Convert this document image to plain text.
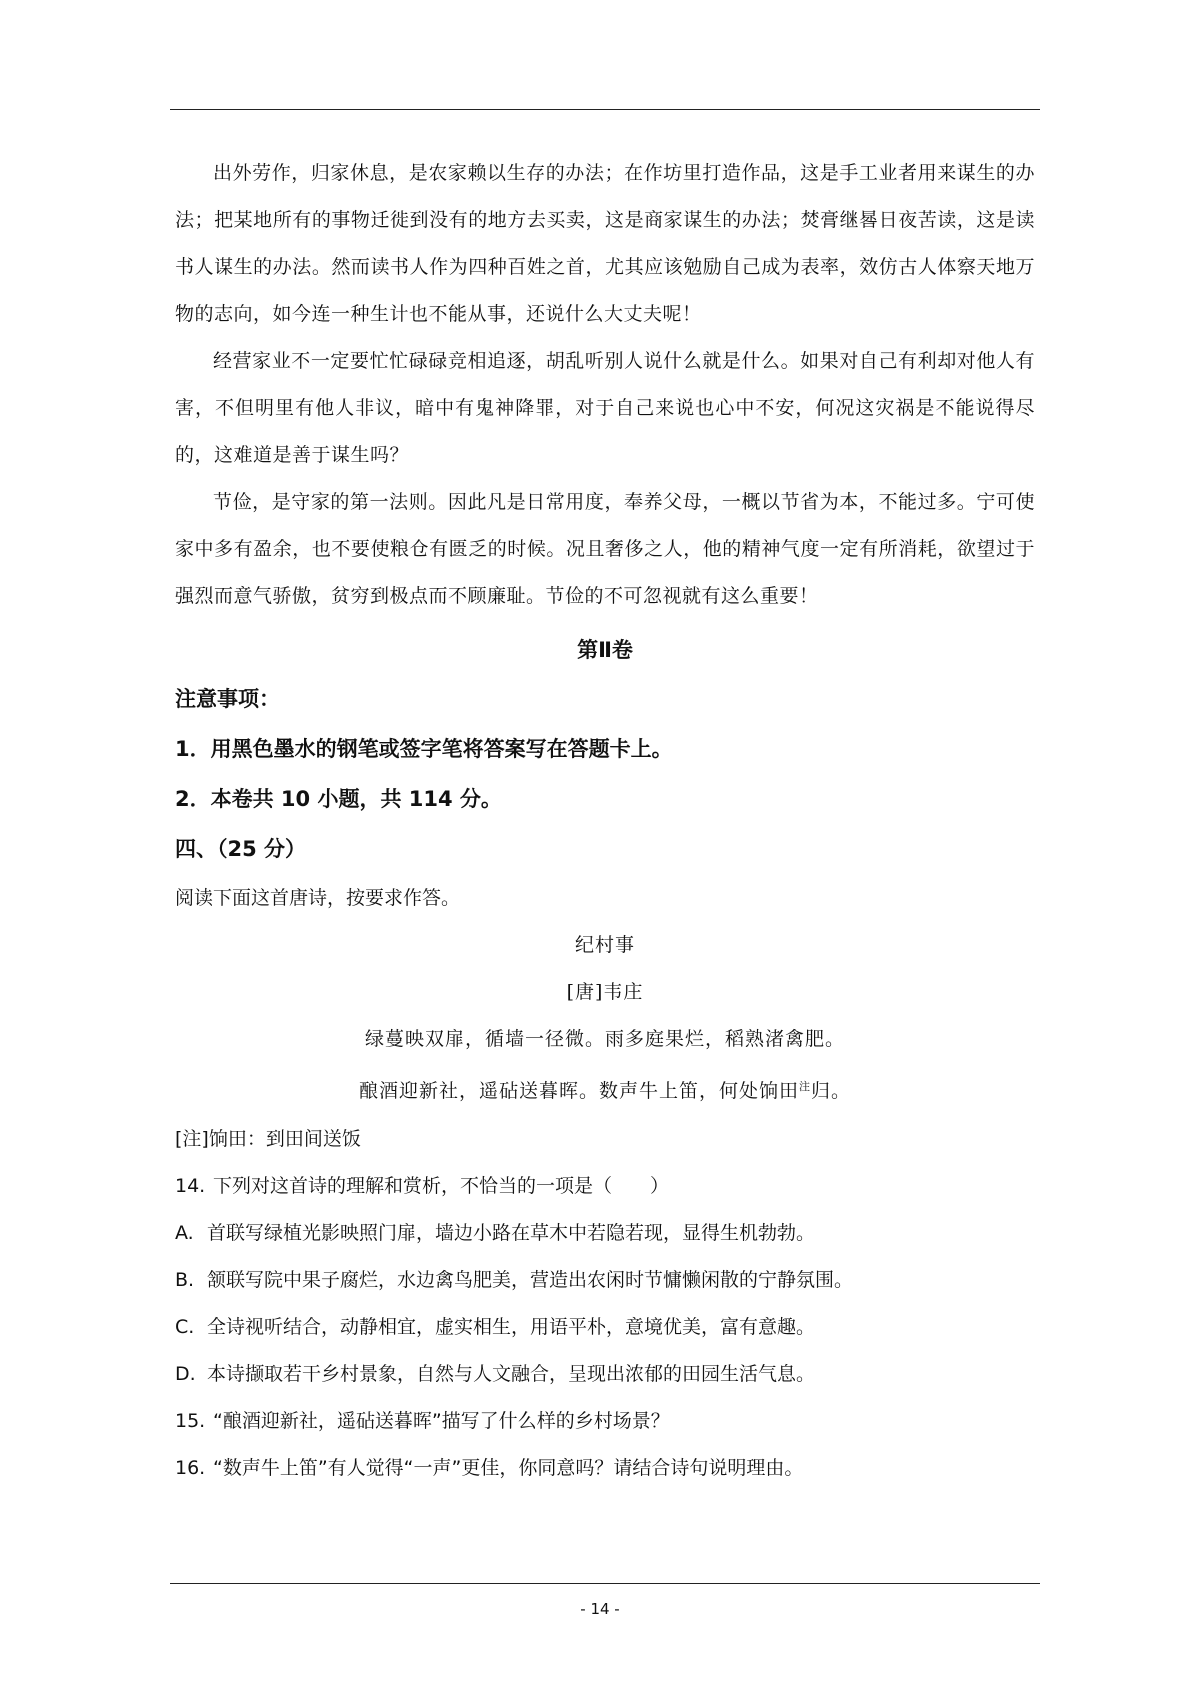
出外劳作，归家休息，是农家赖以生存的办法；在作坊里打造作品，这是手工业者用来谋生的办法；把某地所有的事物迁徙到没有的地方去买卖，这是商家谋生的办法；焚膏继晷日夜苦读，这是读书人谋生的办法。然而读书人作为四种百姓之首，尤其应该勉励自己成为表率，效仿古人体察天地万物的志向，如今连一种生计也不能从事，还说什么大丈夫呢！

经营家业不一定要忙忙碌碌竞相追逐，胡乱听别人说什么就是什么。如果对自己有利却对他人有害，不但明里有他人非议，暗中有鬼神降罪，对于自己来说也心中不安，何况这灾祸是不能说得尽的，这难道是善于谋生吗？

节俭，是守家的第一法则。因此凡是日常用度，奉养父母，一概以节省为本，不能过多。宁可使家中多有盈余，也不要使粮仓有匮乏的时候。况且奢侈之人，他的精神气度一定有所消耗，欲望过于强烈而意气骄傲，贫穷到极点而不顾廉耻。节俭的不可忽视就有这么重要！

第Ⅱ卷

注意事项：

1．用黑色墨水的钢笔或签字笔将答案写在答题卡上。

2．本卷共 10 小题，共 114 分。

四、（25 分）

阅读下面这首唐诗，按要求作答。

纪村事

[唐]韦庄

绿蔓映双扉，循墙一径微。雨多庭果烂，稻熟渚禽肥。

酿酒迎新社，遥砧送暮晖。数声牛上笛，何处饷田$^注$归。

[注]饷田：到田间送饭

14. 下列对这首诗的理解和赏析，不恰当的一项是（　　）

A. 首联写绿植光影映照门扉，墙边小路在草木中若隐若现，显得生机勃勃。

B. 颔联写院中果子腐烂，水边禽鸟肥美，营造出农闲时节慵懒闲散的宁静氛围。

C. 全诗视听结合，动静相宜，虚实相生，用语平朴，意境优美，富有意趣。

D. 本诗撷取若干乡村景象，自然与人文融合，呈现出浓郁的田园生活气息。

15. “酿酒迎新社，遥砧送暮晖”描写了什么样的乡村场景？

16. “数声牛上笛”有人觉得“一声”更佳，你同意吗？请结合诗句说明理由。

- 14 -
